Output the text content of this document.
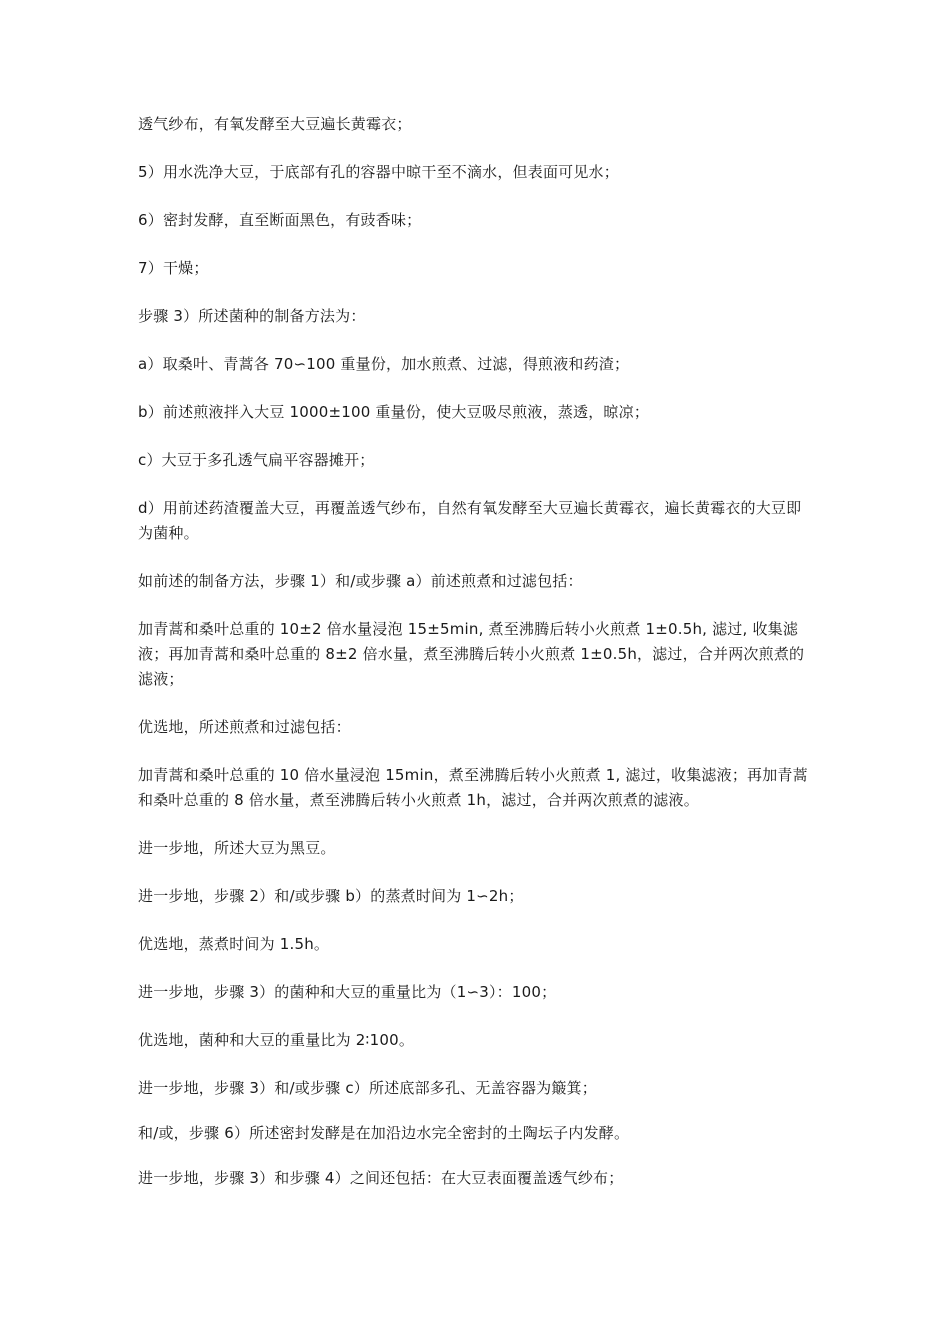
透气纱布，有氧发酵至大豆遍长黄霉衣；

5）用水洗净大豆，于底部有孔的容器中晾干至不滴水，但表面可见水；

6）密封发酵，直至断面黑色，有豉香味；

7）干燥；

步骤 3）所述菌种的制备方法为：

a）取桑叶、青蒿各 70∽100 重量份，加水煎煮、过滤，得煎液和药渣；

b）前述煎液拌入大豆 1000±100 重量份，使大豆吸尽煎液，蒸透，晾凉；

c）大豆于多孔透气扁平容器摊开；

d）用前述药渣覆盖大豆，再覆盖透气纱布，自然有氧发酵至大豆遍长黄霉衣，遍长黄霉衣的大豆即为菌种。

如前述的制备方法，步骤 1）和/或步骤 a）前述煎煮和过滤包括：

加青蒿和桑叶总重的 10±2 倍水量浸泡 15±5min, 煮至沸腾后转小火煎煮 1±0.5h, 滤过, 收集滤液；再加青蒿和桑叶总重的 8±2 倍水量，煮至沸腾后转小火煎煮 1±0.5h，滤过，合并两次煎煮的滤液；

优选地，所述煎煮和过滤包括：

加青蒿和桑叶总重的 10 倍水量浸泡 15min，煮至沸腾后转小火煎煮 1, 滤过，收集滤液；再加青蒿和桑叶总重的 8 倍水量，煮至沸腾后转小火煎煮 1h，滤过，合并两次煎煮的滤液。

进一步地，所述大豆为黑豆。

进一步地，步骤 2）和/或步骤 b）的蒸煮时间为 1∽2h；

优选地，蒸煮时间为 1.5h。

进一步地，步骤 3）的菌种和大豆的重量比为（1∽3）：100；

优选地，菌种和大豆的重量比为 2∶100。

进一步地，步骤 3）和/或步骤 c）所述底部多孔、无盖容器为簸箕；

和/或，步骤 6）所述密封发酵是在加沿边水完全密封的土陶坛子内发酵。

进一步地，步骤 3）和步骤 4）之间还包括：在大豆表面覆盖透气纱布；
